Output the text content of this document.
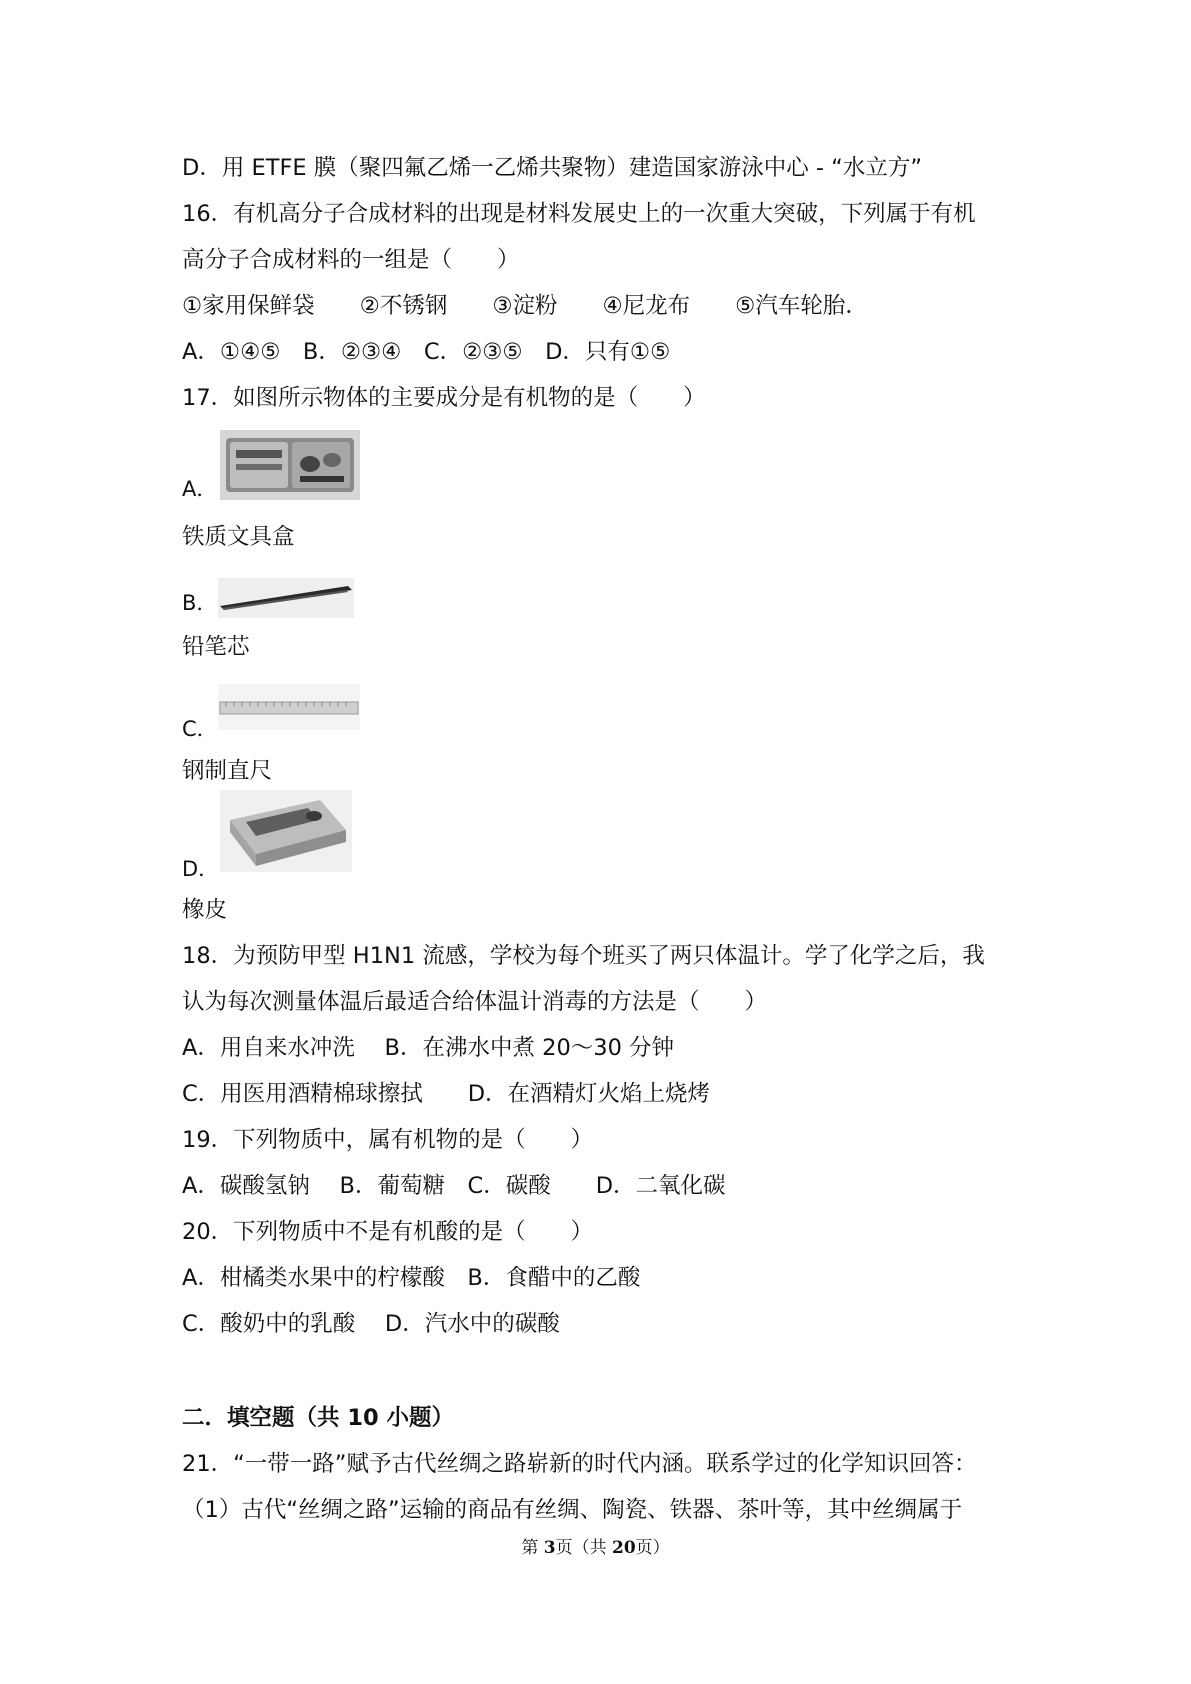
D．用 ETFE 膜（聚四氟乙烯一乙烯共聚物）建造国家游泳中心 - “水立方”
16．有机高分子合成材料的出现是材料发展史上的一次重大突破，下列属于有机
高分子合成材料的一组是（　　）
①家用保鲜袋　　②不锈钢　　③淀粉　　④尼龙布　　⑤汽车轮胎．
A．①④⑤　B．②③④　C．②③⑤　D．只有①⑤
17．如图所示物体的主要成分是有机物的是（　　）
A．
铁质文具盒
B．
铅笔芯
C．
钢制直尺
D．
橡皮
18．为预防甲型 H1N1 流感，学校为每个班买了两只体温计。学了化学之后，我
认为每次测量体温后最适合给体温计消毒的方法是（　　）
A．用自来水冲洗　 B．在沸水中煮 20～30 分钟
C．用医用酒精棉球擦拭　　D．在酒精灯火焰上烧烤
19．下列物质中，属有机物的是（　　）
A．碳酸氢钠　 B．葡萄糖　C．碳酸　　D．二氧化碳
20．下列物质中不是有机酸的是（　　）
A．柑橘类水果中的柠檬酸　B．食醋中的乙酸
C．酸奶中的乳酸　 D．汽水中的碳酸
二．填空题（共 10 小题）
21．“一带一路”赋予古代丝绸之路崭新的时代内涵。联系学过的化学知识回答：
（1）古代“丝绸之路”运输的商品有丝绸、陶瓷、铁器、茶叶等，其中丝绸属于
第 3页（共 20页）
